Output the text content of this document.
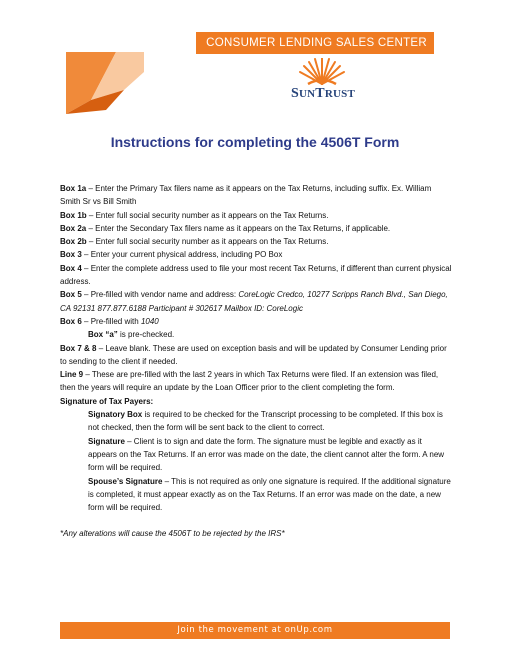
CONSUMER LENDING SALES CENTER
SUNTRUST
Instructions for completing the 4506T Form

Box 1a – Enter the Primary Tax filers name as it appears on the Tax Returns, including suffix. Ex. William Smith Sr vs Bill Smith

Box 1b – Enter full social security number as it appears on the Tax Returns.

Box 2a – Enter the Secondary Tax filers name as it appears on the Tax Returns, if applicable.

Box 2b – Enter full social security number as it appears on the Tax Returns.

Box 3 – Enter your current physical address, including PO Box

Box 4 – Enter the complete address used to file your most recent Tax Returns, if different than current physical address.

Box 5 – Pre-filled with vendor name and address: CoreLogic Credco, 10277 Scripps Ranch Blvd., San Diego, CA 92131 877.877.6188 Participant # 302617 Mailbox ID: CoreLogic

Box 6 – Pre-filled with 1040

Box “a” is pre-checked.

Box 7 & 8 – Leave blank. These are used on exception basis and will be updated by Consumer Lending prior to sending to the client if needed.

Line 9 – These are pre-filled with the last 2 years in which Tax Returns were filed. If an extension was filed, then the years will require an update by the Loan Officer prior to the client completing the form.

Signature of Tax Payers:

Signatory Box is required to be checked for the Transcript processing to be completed. If this box is not checked, then the form will be sent back to the client to correct.

Signature – Client is to sign and date the form. The signature must be legible and exactly as it appears on the Tax Returns. If an error was made on the date, the client cannot alter the form. A new form will be required.

Spouse’s Signature – This is not required as only one signature is required. If the additional signature is completed, it must appear exactly as on the Tax Returns. If an error was made on the date, a new form will be required.

*Any alterations will cause the 4506T to be rejected by the IRS*

Join the movement at onUp.com
